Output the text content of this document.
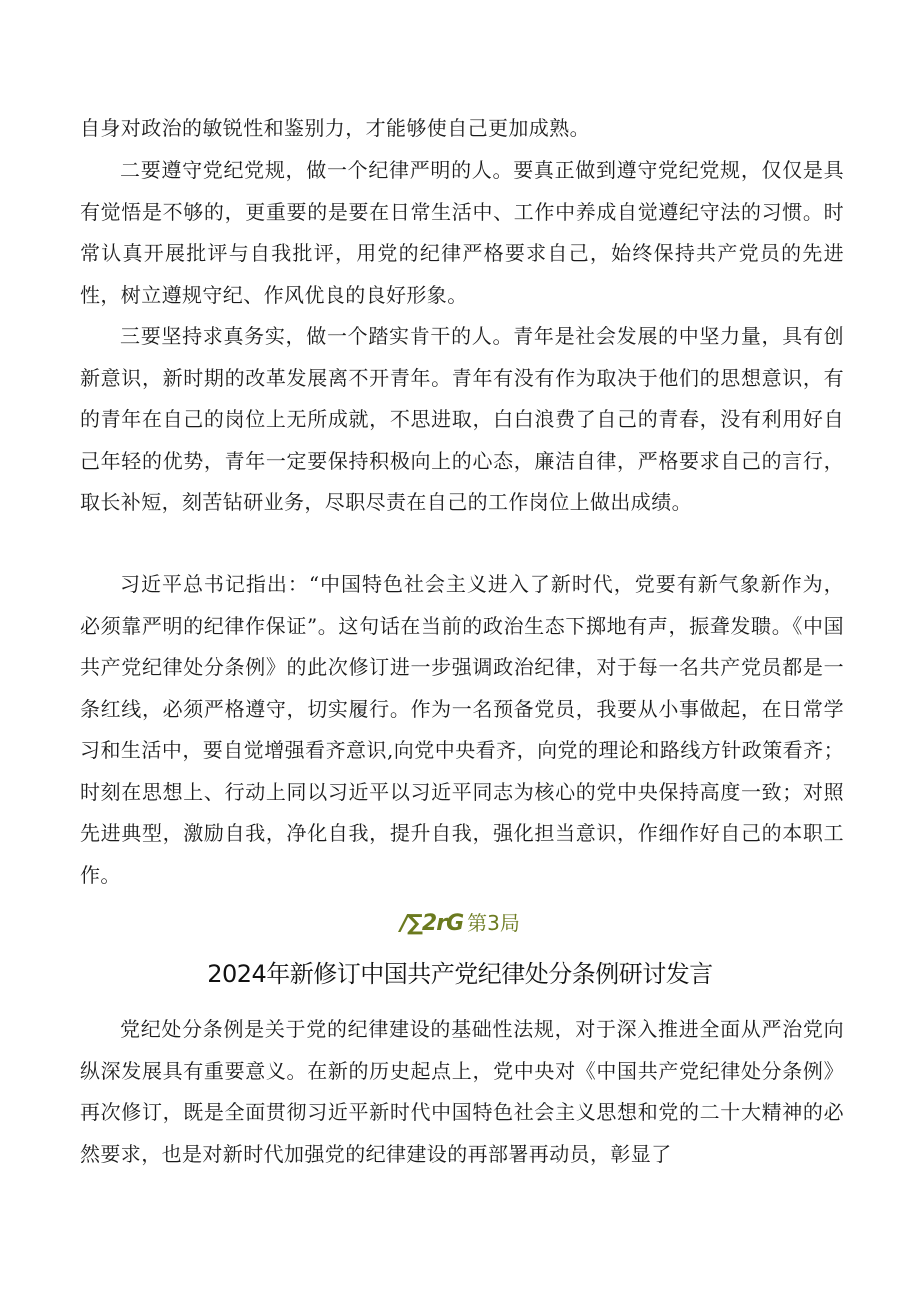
自身对政治的敏锐性和鉴别力，才能够使自己更加成熟。

二要遵守党纪党规，做一个纪律严明的人。要真正做到遵守党纪党规，仅仅是具有觉悟是不够的，更重要的是要在日常生活中、工作中养成自觉遵纪守法的习惯。时常认真开展批评与自我批评，用党的纪律严格要求自己，始终保持共产党员的先进性，树立遵规守纪、作风优良的良好形象。

三要坚持求真务实，做一个踏实肯干的人。青年是社会发展的中坚力量，具有创新意识，新时期的改革发展离不开青年。青年有没有作为取决于他们的思想意识，有的青年在自己的岗位上无所成就，不思进取，白白浪费了自己的青春，没有利用好自己年轻的优势，青年一定要保持积极向上的心态，廉洁自律，严格要求自己的言行，取长补短，刻苦钻研业务，尽职尽责在自己的工作岗位上做出成绩。

习近平总书记指出：“中国特色社会主义进入了新时代，党要有新气象新作为，必须靠严明的纪律作保证”。这句话在当前的政治生态下掷地有声，振聋发聩。《中国共产党纪律处分条例》的此次修订进一步强调政治纪律，对于每一名共产党员都是一条红线，必须严格遵守，切实履行。作为一名预备党员，我要从小事做起，在日常学习和生活中，要自觉增强看齐意识,向党中央看齐，向党的理论和路线方针政策看齐；时刻在思想上、行动上同以习近平以习近平同志为核心的党中央保持高度一致；对照先进典型，激励自我，净化自我，提升自我，强化担当意识，作细作好自己的本职工作。

∕∑2rG 第3局
2024年新修订中国共产党纪律处分条例研讨发言

党纪处分条例是关于党的纪律建设的基础性法规，对于深入推进全面从严治党向纵深发展具有重要意义。在新的历史起点上，党中央对《中国共产党纪律处分条例》再次修订，既是全面贯彻习近平新时代中国特色社会主义思想和党的二十大精神的必然要求，也是对新时代加强党的纪律建设的再部署再动员，彰显了
